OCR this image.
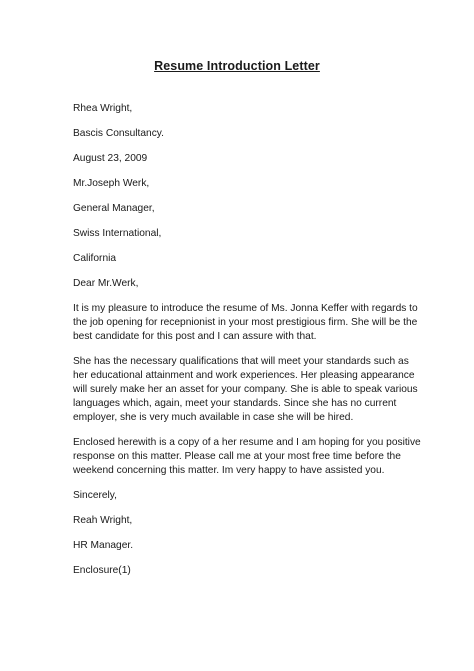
Resume Introduction Letter
Rhea Wright,
Bascis Consultancy.
August 23, 2009
Mr.Joseph Werk,
General Manager,
Swiss International,
California
Dear Mr.Werk,
It is my pleasure to introduce the resume of Ms. Jonna Keffer with regards to
the job opening for recepnionist in your most prestigious firm. She will be the
best candidate for this post and I can assure with that.
She has the necessary qualifications that will meet your standards such as
her educational attainment and work experiences. Her pleasing appearance
will surely make her an asset for your company. She is able to speak various
languages which, again, meet your standards. Since she has no current
employer, she is very much available in case she will be hired.
Enclosed herewith is a copy of a her resume and I am hoping for you positive
response on this matter. Please call me at your most free time before the
weekend concerning this matter. Im very happy to have assisted you.
Sincerely,
Reah Wright,
HR Manager.
Enclosure(1)
